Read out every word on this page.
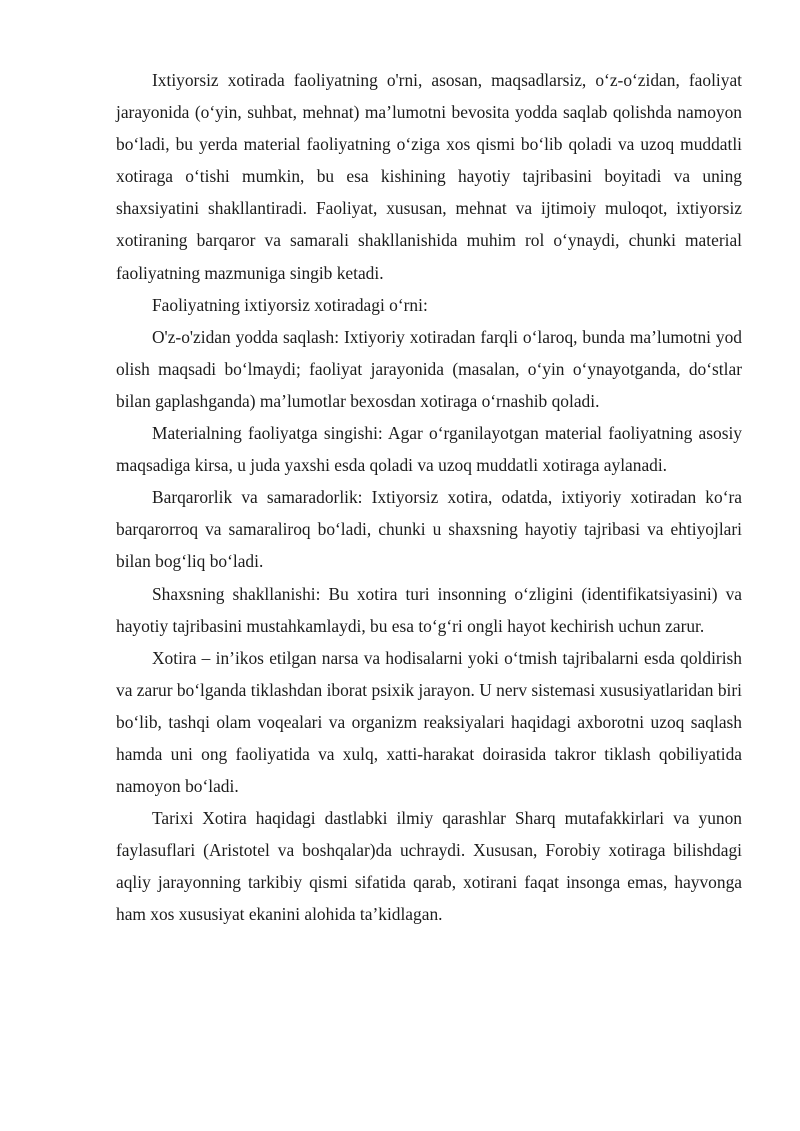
Ixtiyorsiz xotirada faoliyatning o'rni, asosan, maqsadlarsiz, o‘z-o‘zidan, faoliyat jarayonida (o‘yin, suhbat, mehnat) ma’lumotni bevosita yodda saqlab qolishda namoyon bo‘ladi, bu yerda material faoliyatning o‘ziga xos qismi bo‘lib qoladi va uzoq muddatli xotiraga o‘tishi mumkin, bu esa kishining hayotiy tajribasini boyitadi va uning shaxsiyatini shakllantiradi. Faoliyat, xususan, mehnat va ijtimoiy muloqot, ixtiyorsiz xotiraning barqaror va samarali shakllanishida muhim rol o‘ynaydi, chunki material faoliyatning mazmuniga singib ketadi.

Faoliyatning ixtiyorsiz xotiradagi o‘rni:

O'z-o'zidan yodda saqlash: Ixtiyoriy xotiradan farqli o‘laroq, bunda ma’lumotni yod olish maqsadi bo‘lmaydi; faoliyat jarayonida (masalan, o‘yin o‘ynayotganda, do‘stlar bilan gaplashganda) ma’lumotlar bexosdan xotiraga o‘rnashib qoladi.

Materialning faoliyatga singishi: Agar o‘rganilayotgan material faoliyatning asosiy maqsadiga kirsa, u juda yaxshi esda qoladi va uzoq muddatli xotiraga aylanadi.

Barqarorlik va samaradorlik: Ixtiyorsiz xotira, odatda, ixtiyoriy xotiradan ko‘ra barqarorroq va samaraliroq bo‘ladi, chunki u shaxsning hayotiy tajribasi va ehtiyojlari bilan bog‘liq bo‘ladi.

Shaxsning shakllanishi: Bu xotira turi insonning o‘zligini (identifikatsiyasini) va hayotiy tajribasini mustahkamlaydi, bu esa to‘g‘ri ongli hayot kechirish uchun zarur.

Xotira – in’ikos etilgan narsa va hodisalarni yoki o‘tmish tajribalarni esda qoldirish va zarur bo‘lganda tiklashdan iborat psixik jarayon. U nerv sistemasi xususiyatlaridan biri bo‘lib, tashqi olam voqealari va organizm reaksiyalari haqidagi axborotni uzoq saqlash hamda uni ong faoliyatida va xulq, xatti-harakat doirasida takror tiklash qobiliyatida namoyon bo‘ladi.

Tarixi Xotira haqidagi dastlabki ilmiy qarashlar Sharq mutafakkirlari va yunon faylasuflari (Aristotel va boshqalar)da uchraydi. Xususan, Forobiy xotiraga bilishdagi aqliy jarayonning tarkibiy qismi sifatida qarab, xotirani faqat insonga emas, hayvonga ham xos xususiyat ekanini alohida ta’kidlagan.
